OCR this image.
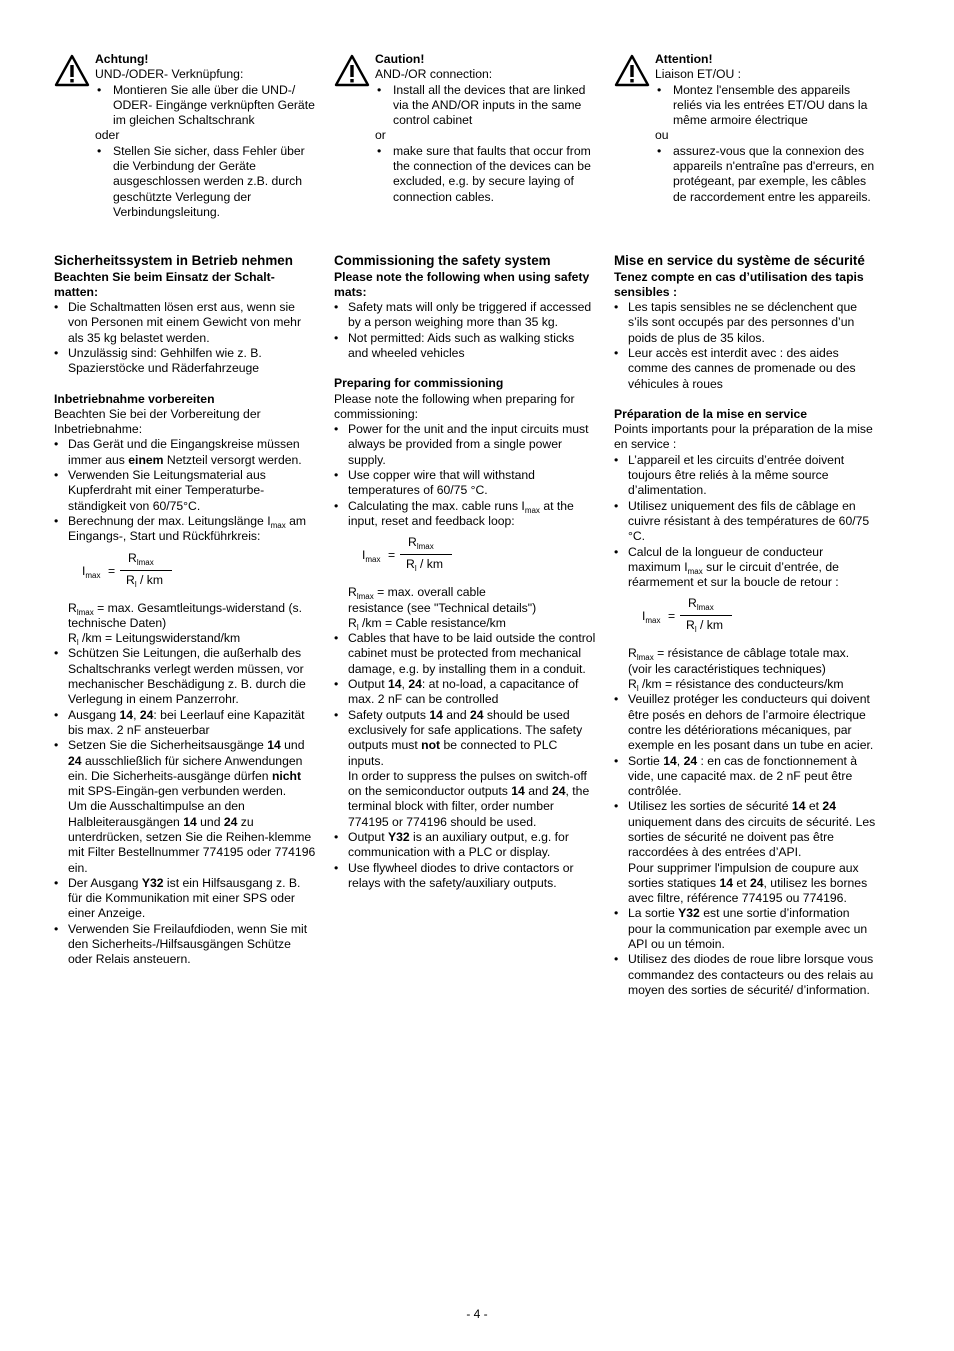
Achtung!
UND-/ODER- Verknüpfung:
• Montieren Sie alle über die UND-/ ODER- Eingänge verknüpften Geräte im gleichen Schaltschrank
oder
• Stellen Sie sicher, dass Fehler über die Verbindung der Geräte ausgeschlossen werden z.B. durch geschützte Verlegung der Verbindungsleitung.
Sicherheitssystem in Betrieb nehmen
Beachten Sie beim Einsatz der Schalt-matten:
• Die Schaltmatten lösen erst aus, wenn sie von Personen mit einem Gewicht von mehr als 35 kg belastet werden.
• Unzulässig sind: Gehhilfen wie z. B. Spazierstöcke und Räderfahrzeuge
Inbetriebnahme vorbereiten
Beachten Sie bei der Vorbereitung der Inbetriebnahme:
• Das Gerät und die Eingangskreise müssen immer aus einem Netzteil versorgt werden.
• Verwenden Sie Leitungsmaterial aus Kupferdraht mit einer Temperaturbe-ständigkeit von 60/75°C.
• Berechnung der max. Leitungslänge $I_{max}$ am Eingangs-, Start und Rückführkreis:
$I_{max}$ =
$R_{lmax}$
$R_l$ / km
$R_{lmax} = \max$. Gesamtleitungs-widerstand (s. technische Daten)
$R_l$ /km = Leitungswiderstand/km
• Schützen Sie Leitungen, die außerhalb des Schaltschranks verlegt werden müssen, vor mechanischer Beschädigung z. B. durch die Verlegung in einem Panzerrohr.
• Ausgang 14, 24: bei Leerlauf eine Kapazität bis max. 2 nF ansteuerbar
• Setzen Sie die Sicherheitsausgänge 14 und 24 ausschließlich für sichere Anwendungen ein. Die Sicherheits-ausgänge dürfen nicht mit SPS-Eingän-gen verbunden werden.
Um die Ausschaltimpulse an den Halbleiterausgängen 14 und 24 zu unterdrücken, setzen Sie die Reihen-klemme mit Filter Bestellnummer 774195 oder 774196 ein.
• Der Ausgang Y32 ist ein Hilfsausgang z. B. für die Kommunikation mit einer SPS oder einer Anzeige.
• Verwenden Sie Freilaufdioden, wenn Sie mit den Sicherheits-/Hilfsausgängen Schütze oder Relais ansteuern.
Caution!
AND-/OR connection:
• Install all the devices that are linked via the AND/OR inputs in the same control cabinet
or
• make sure that faults that occur from the connection of the devices can be excluded, e.g. by secure laying of connection cables.
Commissioning the safety system
Please note the following when using safety mats:
• Safety mats will only be triggered if accessed by a person weighing more than 35 kg.
• Not permitted: Aids such as walking sticks and wheeled vehicles
Preparing for commissioning
Please note the following when preparing for commissioning:
• Power for the unit and the input circuits must always be provided from a single power supply.
• Use copper wire that will withstand temperatures of 60/75 °C.
• Calculating the max. cable runs $I_{max}$ at the input, reset and feedback loop:
$I_{max}$ =
$R_{lmax}$
$R_l$ / km
$R_{lmax} = \max$. overall cable
resistance (see "Technical details")
$R_l$ /km = Cable resistance/km
• Cables that have to be laid outside the control cabinet must be protected from mechanical damage, e.g. by installing them in a conduit.
• Output 14, 24: at no-load, a capacitance of max. 2 nF can be controlled
• Safety outputs 14 and 24 should be used exclusively for safe applications. The safety outputs must not be connected to PLC inputs.
In order to suppress the pulses on switch-off on the semiconductor outputs 14 and 24, the terminal block with filter, order number 774195 or 774196 should be used.
• Output Y32 is an auxiliary output, e.g. for communication with a PLC or display.
• Use flywheel diodes to drive contactors or relays with the safety/auxiliary outputs.
Attention!
Liaison ET/OU :
• Montez l'ensemble des appareils reliés via les entrées ET/OU dans la même armoire électrique
ou
• assurez-vous que la connexion des appareils n'entraîne pas d'erreurs, en protégeant, par exemple, les câbles de raccordement entre les appareils.
Mise en service du système de sécurité
Tenez compte en cas d’utilisation des tapis sensibles :
• Les tapis sensibles ne se déclenchent que s’ils sont occupés par des personnes d’un poids de plus de 35 kilos.
• Leur accès est interdit avec : des aides comme des cannes de promenade ou des véhicules à roues
Préparation de la mise en service
Points importants pour la préparation de la mise en service :
• L’appareil et les circuits d’entrée doivent toujours être reliés à la même source d’alimentation.
• Utilisez uniquement des fils de câblage en cuivre résistant à des températures de 60/75 °C.
• Calcul de la longueur de conducteur maximum $I_{max}$ sur le circuit d’entrée, de réarmement et sur la boucle de retour :
$I_{max}$ =
$R_{lmax}$
$R_l$ / km
$R_{lmax}$ = résistance de câblage totale max. (voir les caractéristiques techniques)
$R_l$ /km = résistance des conducteurs/km
• Veuillez protéger les conducteurs qui doivent être posés en dehors de l’armoire électrique contre les détériorations mécaniques, par exemple en les posant dans un tube en acier.
• Sortie 14, 24 : en cas de fonctionnement à vide, une capacité max. de 2 nF peut être contrôlée.
• Utilisez les sorties de sécurité 14 et 24 uniquement dans des circuits de sécurité. Les sorties de sécurité ne doivent pas être raccordées à des entrées d’API.
Pour supprimer l'impulsion de coupure aux sorties statiques 14 et 24, utilisez les bornes avec filtre, référence 774195 ou 774196.
• La sortie Y32 est une sortie d’information pour la communication par exemple avec un API ou un témoin.
• Utilisez des diodes de roue libre lorsque vous commandez des contacteurs ou des relais au moyen des sorties de sécurité/ d’information.
- 4 -
